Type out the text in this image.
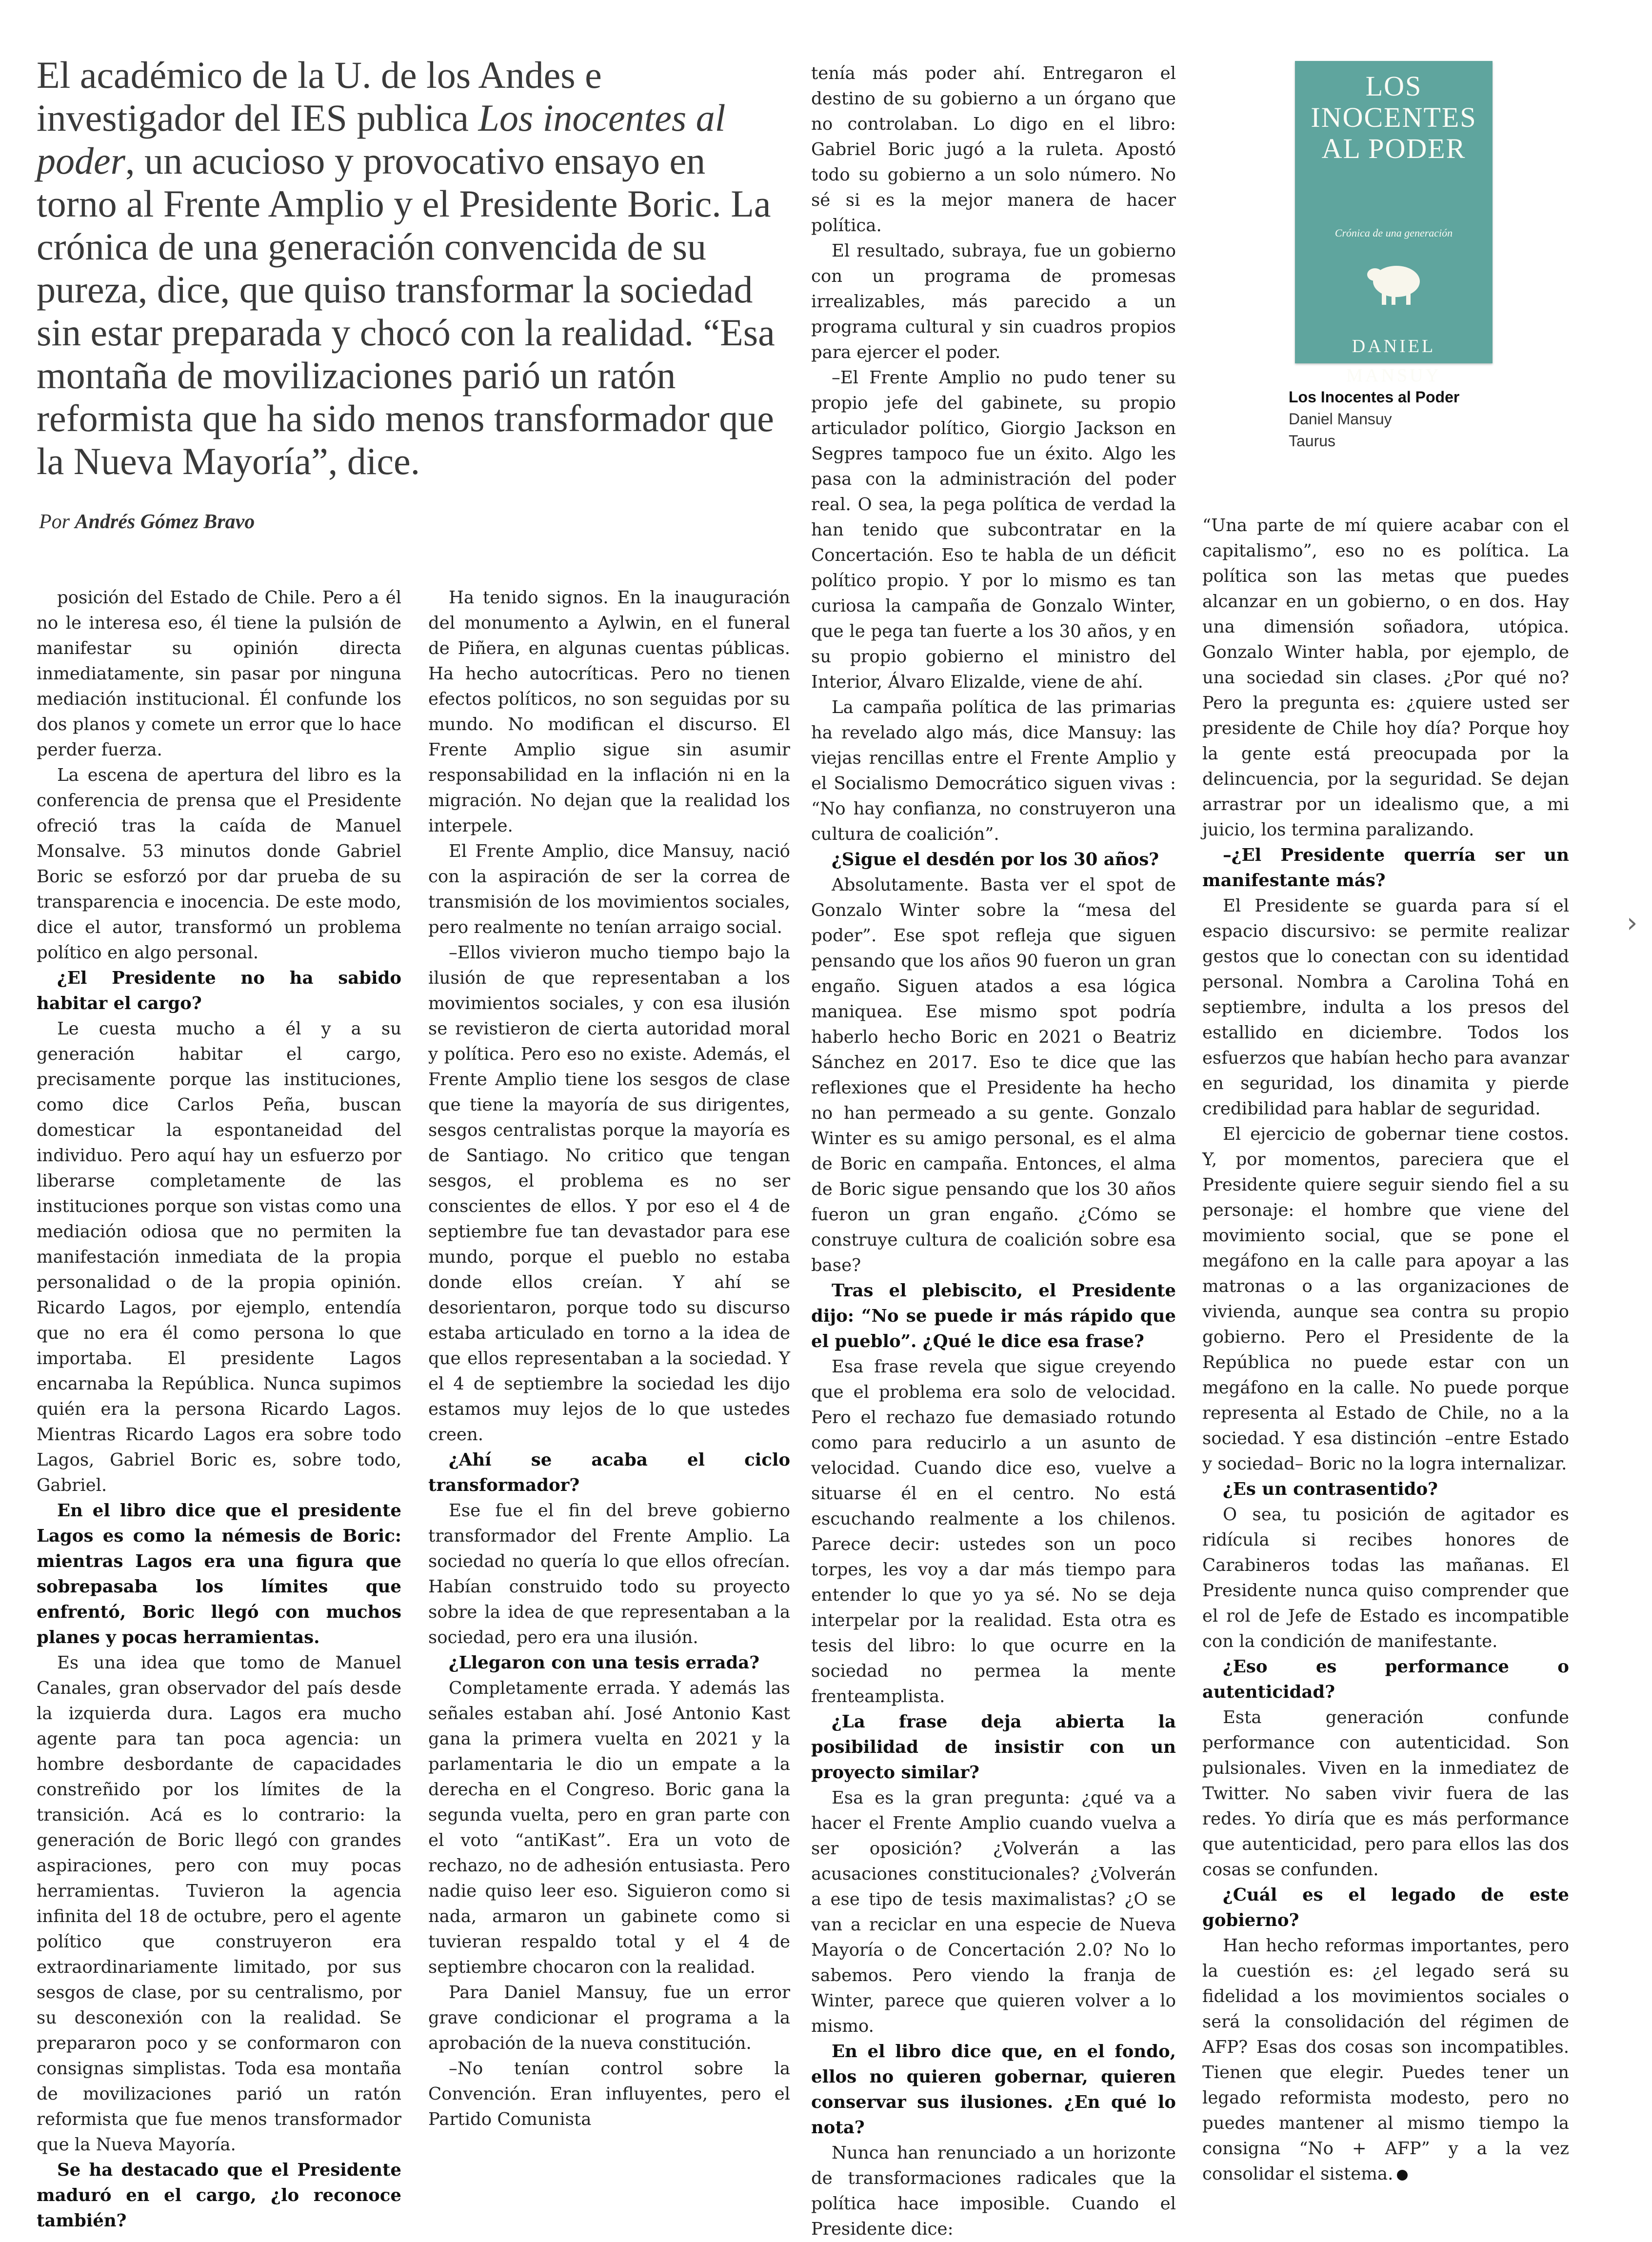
El académico de la U. de los Andes e investigador del IES publica Los inocentes al poder, un acucioso y provocativo ensayo en torno al Frente Amplio y el Presidente Boric. La crónica de una generación convencida de su pureza, dice, que quiso transformar la sociedad sin estar preparada y chocó con la realidad. “Esa montaña de movilizaciones parió un ratón reformista que ha sido menos transformador que la Nueva Mayoría”, dice.
Por Andrés Gómez Bravo
LOS
INOCENTES
AL PODER
Crónica de una generación
DANIEL
MANSUY
Los Inocentes al Poder
Daniel Mansuy
Taurus

posición del Estado de Chile. Pero a él no le interesa eso, él tiene la pulsión de manifestar su opinión directa inmediatamente, sin pasar por ninguna mediación institucional. Él confunde los dos planos y comete un error que lo hace perder fuerza.

La escena de apertura del libro es la conferencia de prensa que el Presidente ofreció tras la caída de Manuel Monsalve. 53 minutos donde Gabriel Boric se esforzó por dar prueba de su transparencia e inocencia. De este modo, dice el autor, transformó un problema político en algo personal.

¿El Presidente no ha sabido habitar el cargo?

Le cuesta mucho a él y a su generación habitar el cargo, precisamente porque las instituciones, como dice Carlos Peña, buscan domesticar la espontaneidad del individuo. Pero aquí hay un esfuerzo por liberarse completamente de las instituciones porque son vistas como una mediación odiosa que no permiten la manifestación inmediata de la propia personalidad o de la propia opinión. Ricardo Lagos, por ejemplo, entendía que no era él como persona lo que importaba. El presidente Lagos encarnaba la República. Nunca supimos quién era la persona Ricardo Lagos. Mientras Ricardo Lagos era sobre todo Lagos, Gabriel Boric es, sobre todo, Gabriel.

En el libro dice que el presidente Lagos es como la némesis de Boric: mientras Lagos era una figura que sobrepasaba los límites que enfrentó, Boric llegó con muchos planes y pocas herramientas.

Es una idea que tomo de Manuel Canales, gran observador del país desde la izquierda dura. Lagos era mucho agente para tan poca agencia: un hombre desbordante de capacidades constreñido por los límites de la transición. Acá es lo contrario: la generación de Boric llegó con grandes aspiraciones, pero con muy pocas herramientas. Tuvieron la agencia infinita del 18 de octubre, pero el agente político que construyeron era extraordinariamente limitado, por sus sesgos de clase, por su centralismo, por su desconexión con la realidad. Se prepararon poco y se conformaron con consignas simplistas. Toda esa montaña de movilizaciones parió un ratón reformista que fue menos transformador que la Nueva Mayoría.

Se ha destacado que el Presidente maduró en el cargo, ¿lo reconoce también?

Ha tenido signos. En la inauguración del monumento a Aylwin, en el funeral de Piñera, en algunas cuentas públicas. Ha hecho autocríticas. Pero no tienen efectos políticos, no son seguidas por su mundo. No modifican el discurso. El Frente Amplio sigue sin asumir responsabilidad en la inflación ni en la migración. No dejan que la realidad los interpele.

El Frente Amplio, dice Mansuy, nació con la aspiración de ser la correa de transmisión de los movimientos sociales, pero realmente no tenían arraigo social.

–Ellos vivieron mucho tiempo bajo la ilusión de que representaban a los movimientos sociales, y con esa ilusión se revistieron de cierta autoridad moral y política. Pero eso no existe. Además, el Frente Amplio tiene los sesgos de clase que tiene la mayoría de sus dirigentes, sesgos centralistas porque la mayoría es de Santiago. No critico que tengan sesgos, el problema es no ser conscientes de ellos. Y por eso el 4 de septiembre fue tan devastador para ese mundo, porque el pueblo no estaba donde ellos creían. Y ahí se desorientaron, porque todo su discurso estaba articulado en torno a la idea de que ellos representaban a la sociedad. Y el 4 de septiembre la sociedad les dijo estamos muy lejos de lo que ustedes creen.

¿Ahí se acaba el ciclo transformador?

Ese fue el fin del breve gobierno transformador del Frente Amplio. La sociedad no quería lo que ellos ofrecían. Habían construido todo su proyecto sobre la idea de que representaban a la sociedad, pero era una ilusión.

¿Llegaron con una tesis errada?

Completamente errada. Y además las señales estaban ahí. José Antonio Kast gana la primera vuelta en 2021 y la parlamentaria le dio un empate a la derecha en el Congreso. Boric gana la segunda vuelta, pero en gran parte con el voto “antiKast”. Era un voto de rechazo, no de adhesión entusiasta. Pero nadie quiso leer eso. Siguieron como si nada, armaron un gabinete como si tuvieran respaldo total y el 4 de septiembre chocaron con la realidad.

Para Daniel Mansuy, fue un error grave condicionar el programa a la aprobación de la nueva constitución.

–No tenían control sobre la Convención. Eran influyentes, pero el Partido Comunista

tenía más poder ahí. Entregaron el destino de su gobierno a un órgano que no controlaban. Lo digo en el libro: Gabriel Boric jugó a la ruleta. Apostó todo su gobierno a un solo número. No sé si es la mejor manera de hacer política.

El resultado, subraya, fue un gobierno con un programa de promesas irrealizables, más parecido a un programa cultural y sin cuadros propios para ejercer el poder.

–El Frente Amplio no pudo tener su propio jefe del gabinete, su propio articulador político, Giorgio Jackson en Segpres tampoco fue un éxito. Algo les pasa con la administración del poder real. O sea, la pega política de verdad la han tenido que subcontratar en la Concertación. Eso te habla de un déficit político propio. Y por lo mismo es tan curiosa la campaña de Gonzalo Winter, que le pega tan fuerte a los 30 años, y en su propio gobierno el ministro del Interior, Álvaro Elizalde, viene de ahí.

La campaña política de las primarias ha revelado algo más, dice Mansuy: las viejas rencillas entre el Frente Amplio y el Socialismo Democrático siguen vivas : “No hay confianza, no construyeron una cultura de coalición”.

¿Sigue el desdén por los 30 años?

Absolutamente. Basta ver el spot de Gonzalo Winter sobre la “mesa del poder”. Ese spot refleja que siguen pensando que los años 90 fueron un gran engaño. Siguen atados a esa lógica maniquea. Ese mismo spot podría haberlo hecho Boric en 2021 o Beatriz Sánchez en 2017. Eso te dice que las reflexiones que el Presidente ha hecho no han permeado a su gente. Gonzalo Winter es su amigo personal, es el alma de Boric en campaña. Entonces, el alma de Boric sigue pensando que los 30 años fueron un gran engaño. ¿Cómo se construye cultura de coalición sobre esa base?

Tras el plebiscito, el Presidente dijo: “No se puede ir más rápido que el pueblo”. ¿Qué le dice esa frase?

Esa frase revela que sigue creyendo que el problema era solo de velocidad. Pero el rechazo fue demasiado rotundo como para reducirlo a un asunto de velocidad. Cuando dice eso, vuelve a situarse él en el centro. No está escuchando realmente a los chilenos. Parece decir: ustedes son un poco torpes, les voy a dar más tiempo para entender lo que yo ya sé. No se deja interpelar por la realidad. Esta otra es tesis del libro: lo que ocurre en la sociedad no permea la mente frenteamplista.

¿La frase deja abierta la posibilidad de insistir con un proyecto similar?

Esa es la gran pregunta: ¿qué va a hacer el Frente Amplio cuando vuelva a ser oposición? ¿Volverán a las acusaciones constitucionales? ¿Volverán a ese tipo de tesis maximalistas? ¿O se van a reciclar en una especie de Nueva Mayoría o de Concertación 2.0? No lo sabemos. Pero viendo la franja de Winter, parece que quieren volver a lo mismo.

En el libro dice que, en el fondo, ellos no quieren gobernar, quieren conservar sus ilusiones. ¿En qué lo nota?

Nunca han renunciado a un horizonte de transformaciones radicales que la política hace imposible. Cuando el Presidente dice:

“Una parte de mí quiere acabar con el capitalismo”, eso no es política. La política son las metas que puedes alcanzar en un gobierno, o en dos. Hay una dimensión soñadora, utópica. Gonzalo Winter habla, por ejemplo, de una sociedad sin clases. ¿Por qué no? Pero la pregunta es: ¿quiere usted ser presidente de Chile hoy día? Porque hoy la gente está preocupada por la delincuencia, por la seguridad. Se dejan arrastrar por un idealismo que, a mi juicio, los termina paralizando.

–¿El Presidente querría ser un manifestante más?

El Presidente se guarda para sí el espacio discursivo: se permite realizar gestos que lo conectan con su identidad personal. Nombra a Carolina Tohá en septiembre, indulta a los presos del estallido en diciembre. Todos los esfuerzos que habían hecho para avanzar en seguridad, los dinamita y pierde credibilidad para hablar de seguridad.

El ejercicio de gobernar tiene costos. Y, por momentos, pareciera que el Presidente quiere seguir siendo fiel a su personaje: el hombre que viene del movimiento social, que se pone el megáfono en la calle para apoyar a las matronas o a las organizaciones de vivienda, aunque sea contra su propio gobierno. Pero el Presidente de la República no puede estar con un megáfono en la calle. No puede porque representa al Estado de Chile, no a la sociedad. Y esa distinción –entre Estado y sociedad– Boric no la logra internalizar.

¿Es un contrasentido?

O sea, tu posición de agitador es ridícula si recibes honores de Carabineros todas las mañanas. El Presidente nunca quiso comprender que el rol de Jefe de Estado es incompatible con la condición de manifestante.

¿Eso es performance o autenticidad?

Esta generación confunde performance con autenticidad. Son pulsionales. Viven en la inmediatez de Twitter. No saben vivir fuera de las redes. Yo diría que es más performance que autenticidad, pero para ellos las dos cosas se confunden.

¿Cuál es el legado de este gobierno?

Han hecho reformas importantes, pero la cuestión es: ¿el legado será su fidelidad a los movimientos sociales o será la consolidación del régimen de AFP? Esas dos cosas son incompatibles. Tienen que elegir. Puedes tener un legado reformista modesto, pero no puedes mantener al mismo tiempo la consigna “No + AFP” y a la vez consolidar el sistema.

›
